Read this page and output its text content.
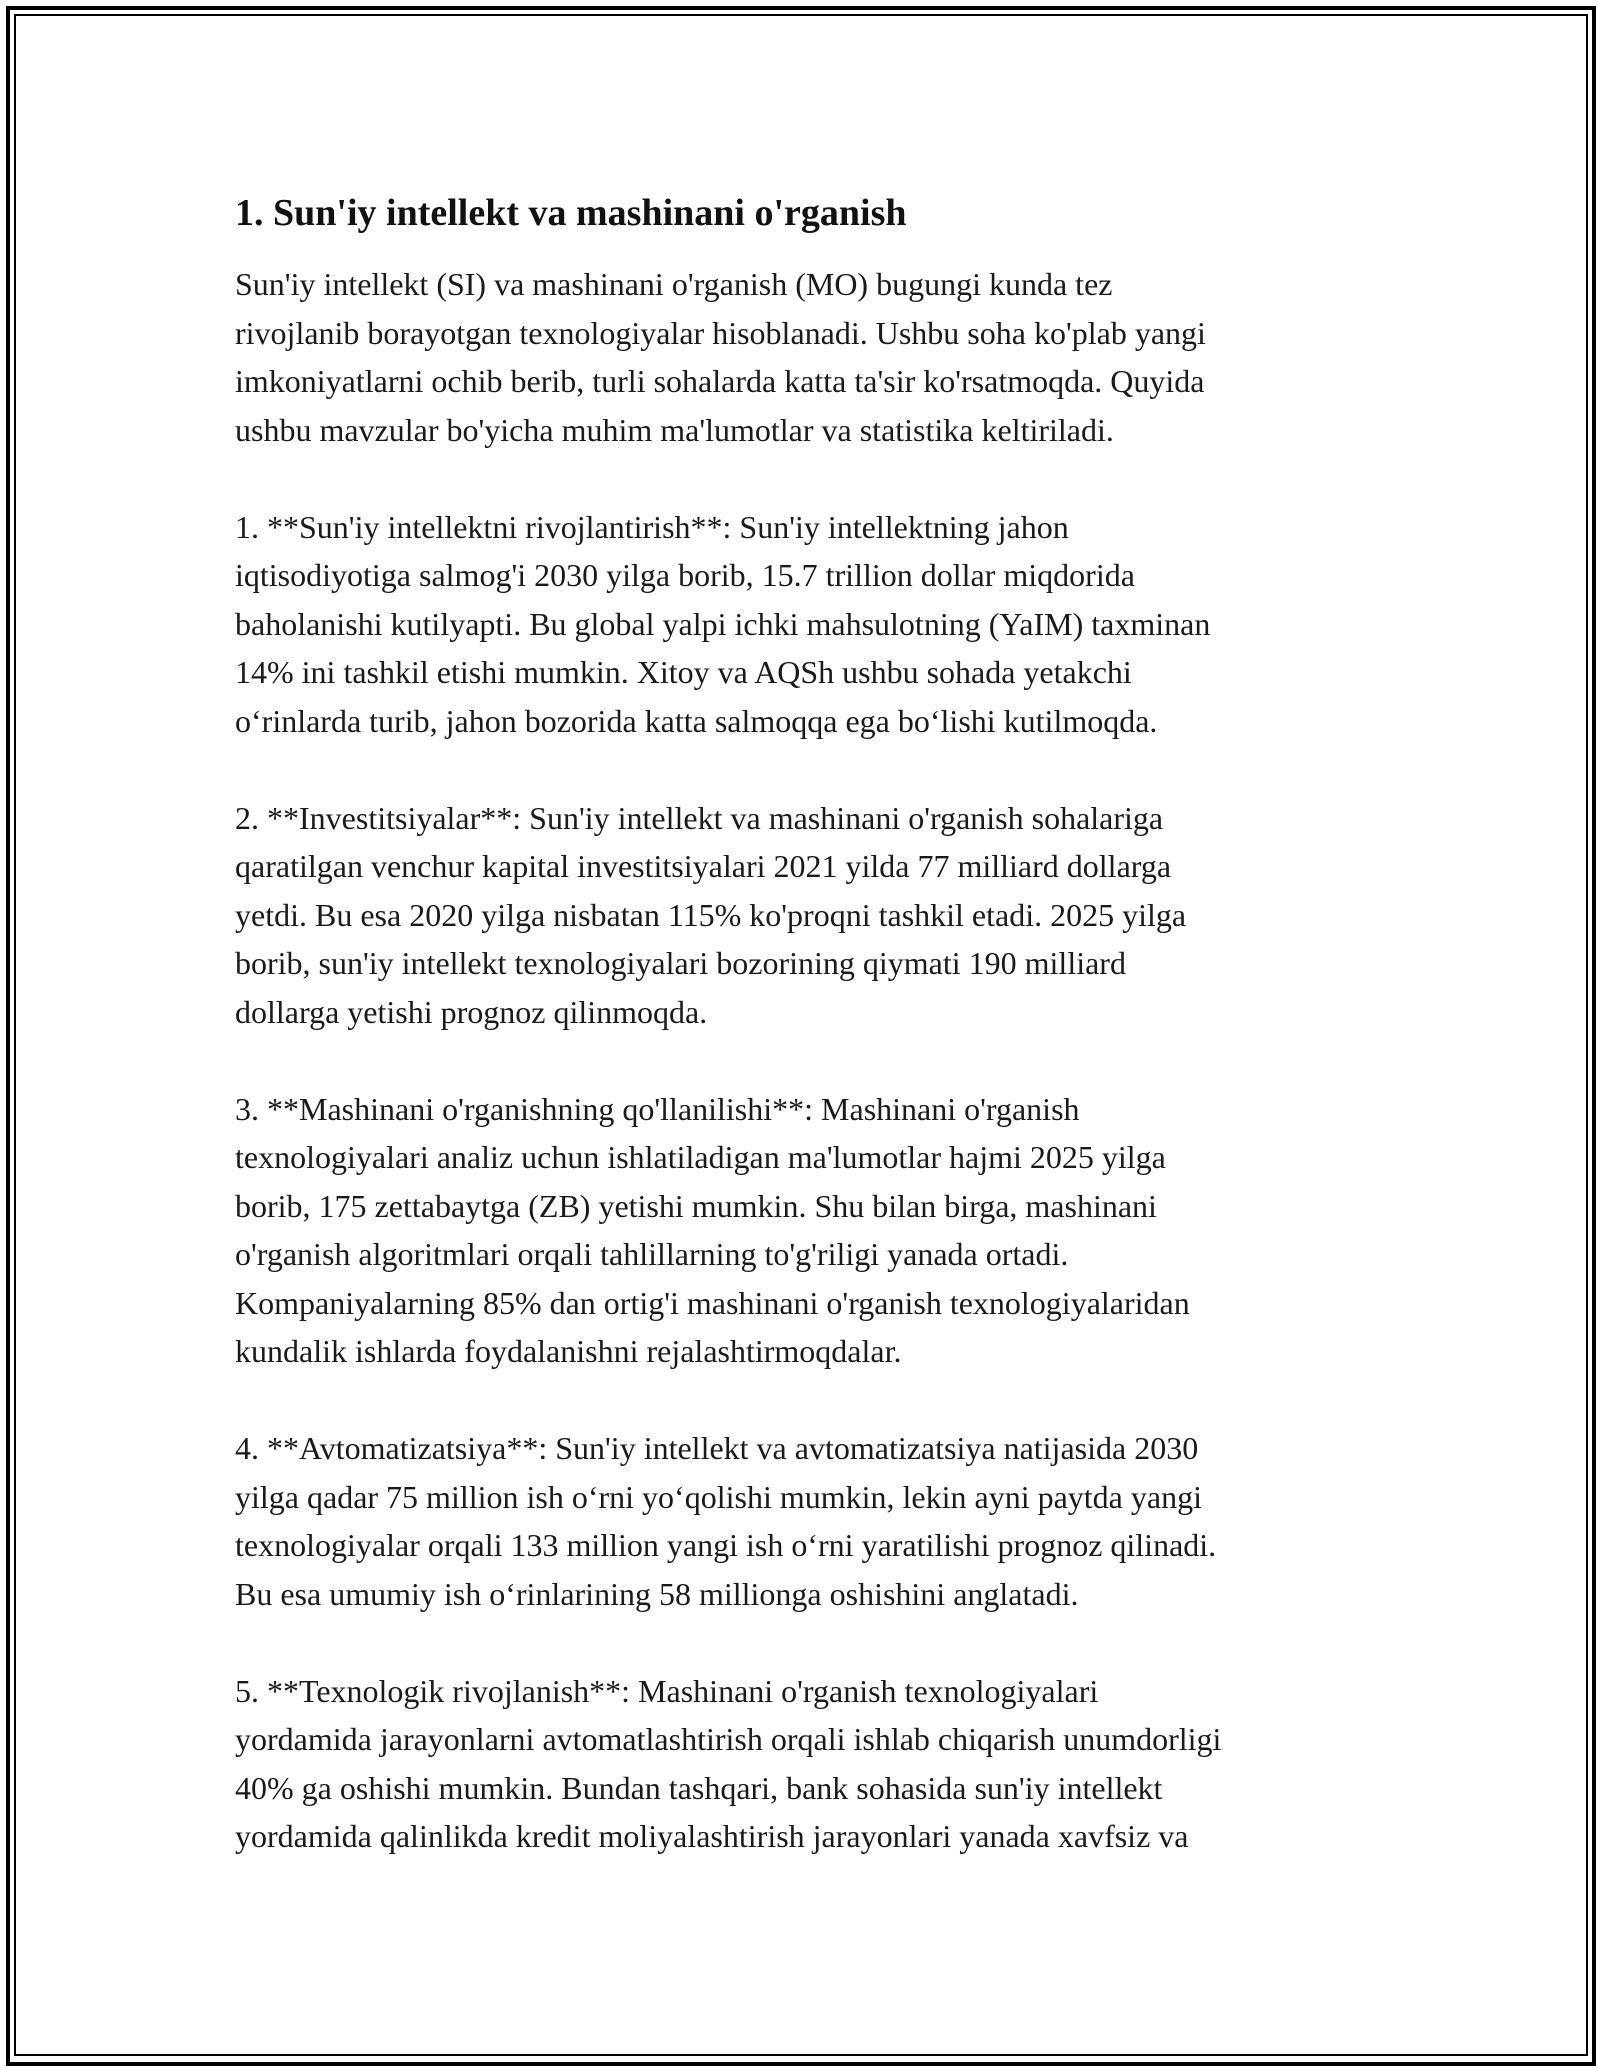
1. Sun'iy intellekt va mashinani o'rganish

Sun'iy intellekt (SI) va mashinani o'rganish (MO) bugungi kunda tez
rivojlanib borayotgan texnologiyalar hisoblanadi. Ushbu soha ko'plab yangi
imkoniyatlarni ochib berib, turli sohalarda katta ta'sir ko'rsatmoqda. Quyida
ushbu mavzular bo'yicha muhim ma'lumotlar va statistika keltiriladi.

1. **Sun'iy intellektni rivojlantirish**: Sun'iy intellektning jahon
iqtisodiyotiga salmog'i 2030 yilga borib, 15.7 trillion dollar miqdorida
baholanishi kutilyapti. Bu global yalpi ichki mahsulotning (YaIM) taxminan
14% ini tashkil etishi mumkin. Xitoy va AQSh ushbu sohada yetakchi
oʻrinlarda turib, jahon bozorida katta salmoqqa ega boʻlishi kutilmoqda.

2. **Investitsiyalar**: Sun'iy intellekt va mashinani o'rganish sohalariga
qaratilgan venchur kapital investitsiyalari 2021 yilda 77 milliard dollarga
yetdi. Bu esa 2020 yilga nisbatan 115% ko'proqni tashkil etadi. 2025 yilga
borib, sun'iy intellekt texnologiyalari bozorining qiymati 190 milliard
dollarga yetishi prognoz qilinmoqda.

3. **Mashinani o'rganishning qo'llanilishi**: Mashinani o'rganish
texnologiyalari analiz uchun ishlatiladigan ma'lumotlar hajmi 2025 yilga
borib, 175 zettabaytga (ZB) yetishi mumkin. Shu bilan birga, mashinani
o'rganish algoritmlari orqali tahlillarning to'g'riligi yanada ortadi.
Kompaniyalarning 85% dan ortig'i mashinani o'rganish texnologiyalaridan
kundalik ishlarda foydalanishni rejalashtirmoqdalar.

4. **Avtomatizatsiya**: Sun'iy intellekt va avtomatizatsiya natijasida 2030
yilga qadar 75 million ish oʻrni yoʻqolishi mumkin, lekin ayni paytda yangi
texnologiyalar orqali 133 million yangi ish oʻrni yaratilishi prognoz qilinadi.
Bu esa umumiy ish oʻrinlarining 58 millionga oshishini anglatadi.

5. **Texnologik rivojlanish**: Mashinani o'rganish texnologiyalari
yordamida jarayonlarni avtomatlashtirish orqali ishlab chiqarish unumdorligi
40% ga oshishi mumkin. Bundan tashqari, bank sohasida sun'iy intellekt
yordamida qalinlikda kredit moliyalashtirish jarayonlari yanada xavfsiz va
